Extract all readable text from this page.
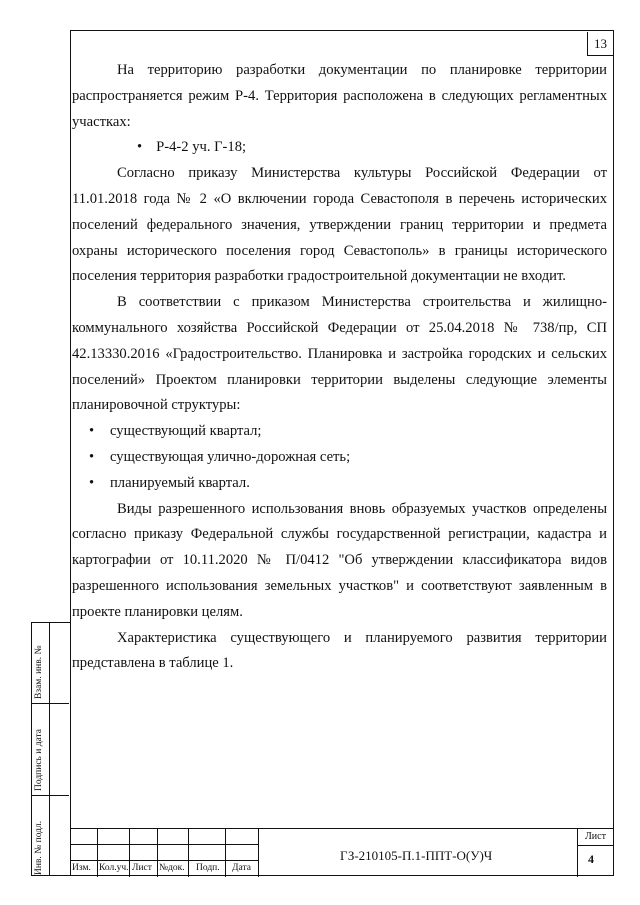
13

На территорию разработки документации по планировке территории распространяется режим Р-4. Территория расположена в следующих регламентных участках:

• Р-4-2 уч. Г-18;

Согласно приказу Министерства культуры Российской Федерации от 11.01.2018 года № 2 «О включении города Севастополя в перечень исторических поселений федерального значения, утверждении границ территории и предмета охраны исторического поселения город Севастополь» в границы исторического поселения территория разработки градостроительной документации не входит.

В соответствии с приказом Министерства строительства и жилищно-коммунального хозяйства Российской Федерации от 25.04.2018 № 738/пр, СП 42.13330.2016 «Градостроительство. Планировка и застройка городских и сельских поселений» Проектом планировки территории выделены следующие элементы планировочной структуры:

• существующий квартал;

• существующая улично-дорожная сеть;

• планируемый квартал.

Виды разрешенного использования вновь образуемых участков определены согласно приказу Федеральной службы государственной регистрации, кадастра и картографии от 10.11.2020 № П/0412 "Об утверждении классификатора видов разрешенного использования земельных участков" и соответствуют заявленным в проекте планировки целям.

Характеристика существующего и планируемого развития территории представлена в таблице 1.

Взам. инв. №
Подпись и дата
Инв. № подл.	Изм. Кол.уч. Лист №док. Подп. Дата
ГЗ-210105-П.1-ППТ-О(У)Ч
Лист
4
